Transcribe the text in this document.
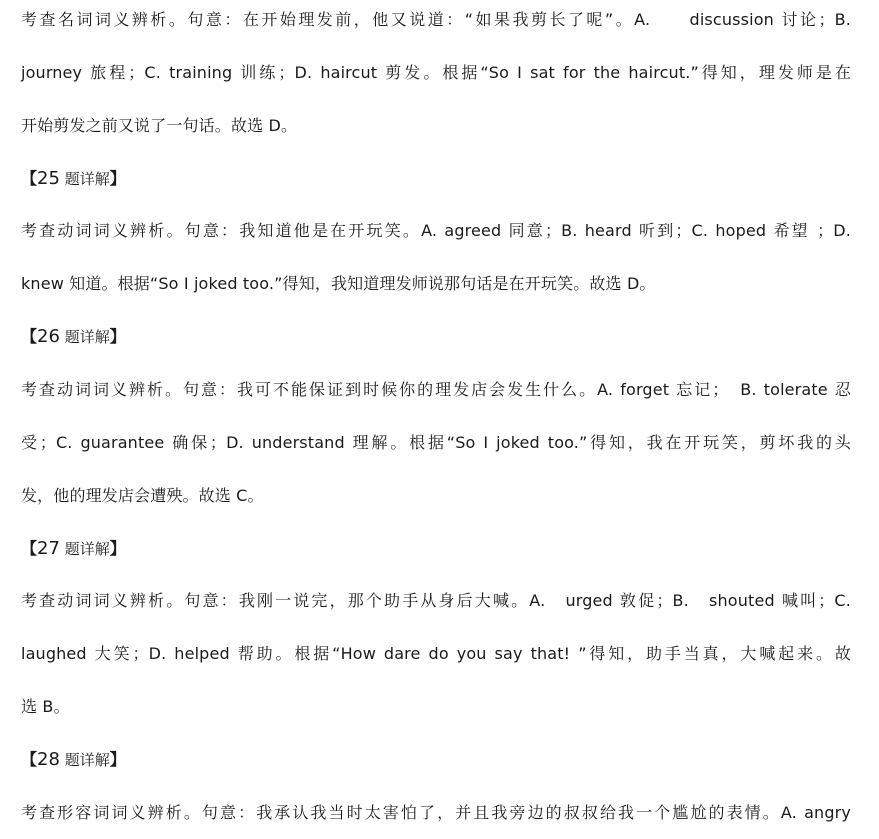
考查名词词义辨析。句意：在开始理发前，他又说道：“如果我剪长了呢”。A.　　discussion 讨论；B.
journey 旅程；C. training 训练；D. haircut 剪发。根据“So I sat for the haircut.”得知，理发师是在
开始剪发之前又说了一句话。故选 D。
【25 题详解】
考查动词词义辨析。句意：我知道他是在开玩笑。A. agreed 同意；B. heard 听到；C. hoped 希望 ；D.
knew 知道。根据“So I joked too.”得知，我知道理发师说那句话是在开玩笑。故选 D。
【26 题详解】
考查动词词义辨析。句意：我可不能保证到时候你的理发店会发生什么。A. forget 忘记；　B. tolerate 忍
受；C. guarantee 确保；D. understand 理解。根据“So I joked too.”得知，我在开玩笑，剪坏我的头
发，他的理发店会遭殃。故选 C。
【27 题详解】
考查动词词义辨析。句意：我刚一说完，那个助手从身后大喊。A.　urged 敦促；B.　shouted 喊叫；C.
laughed 大笑；D. helped 帮助。根据“How dare do you say that! ”得知，助手当真，大喊起来。故
选 B。
【28 题详解】
考查形容词词义辨析。句意：我承认我当时太害怕了，并且我旁边的叔叔给我一个尴尬的表情。A. angry
